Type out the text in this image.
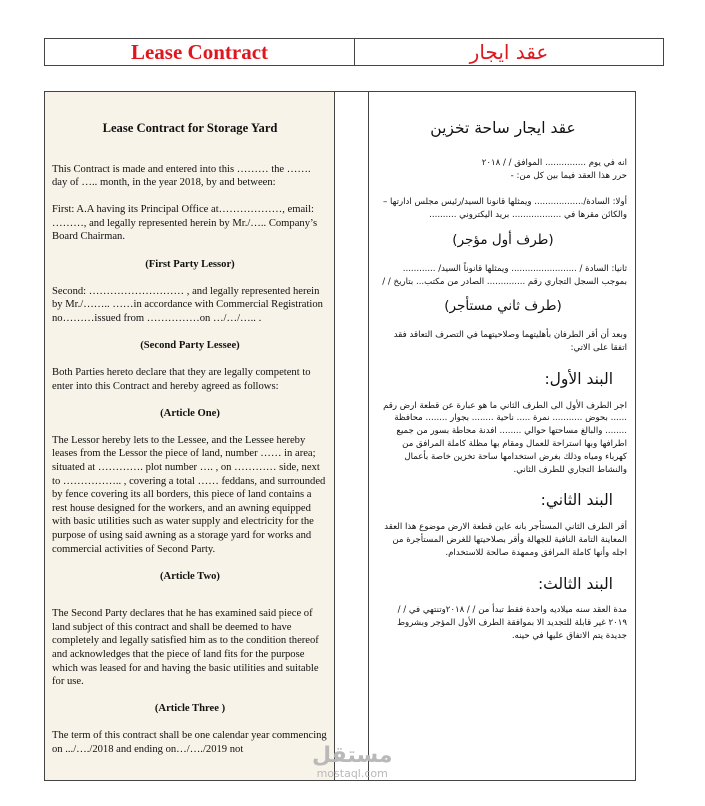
Lease Contract	عقد ايجار
Lease Contract for Storage Yard

This Contract is made and entered into this ……… the ……. day of ….. month, in the year 2018, by and between:

First: A.A having its Principal Office at………………, email: ………, and legally represented herein by Mr./….. Company’s Board Chairman.

(First Party Lessor)

Second: ……………………… , and legally represented herein by Mr./…….. ……in accordance with Commercial Registration no………issued from ……………on …/…/….. .

(Second Party Lessee)

Both Parties hereto declare that they are legally competent to enter into this Contract and hereby agreed as follows:

(Article One)

The Lessor hereby lets to the Lessee, and the Lessee hereby leases from the Lessor the piece of land, number …… in area; situated at …………. plot number …. , on ………… side, next to …………….. , covering a total …… feddans, and surrounded by fence covering its all borders, this piece of land contains a rest house designed for the workers, and an awning equipped with basic utilities such as water supply and electricity for the purpose of using said awning as a storage yard for works and commercial activities of Second Party.

(Article Two)

The Second Party declares that he has examined said piece of land subject of this contract and shall be deemed to have completely and legally satisfied him as to the condition thereof and acknowledges that the piece of land fits for the purpose which was leased for and having the basic utilities and suitable for use.

(Article Three )

The term of this contract shall be one calendar year commencing on .../…./2018 and ending on…/…./2019 not

عقد ايجار ساحة تخزين

انه في يوم ............... الموافق / / ٢٠١٨

حرر هذا العقد فيما بين كل من: -

أولا: السادة/.................. ويمثلها قانونا السيد/رئيس مجلس ادارتها – والكائن مقرها في .................. بريد اليكتروني ..........

(طرف أول مؤجر)

ثانيا: السادة / ........................ ويمثلها قانوناً السيد/ ............ بموجب السجل التجاري رقم .............. الصادر من مكتب... بتاريخ / /

(طرف ثاني مستأجر)

وبعد أن أقر الطرفان بأهليتهما وصلاحيتهما في التصرف التعاقد فقد اتفقا على الاتي:

البند الأول:

اجر الطرف الأول الى الطرف الثاني ما هو عبارة عن قطعة ارض رقم ...... بحوض ........... نمرة ..... ناحية ........ بجوار ........ محافظة ........ والبالغ مساحتها حوالي ........ افدنة محاطة بسور من جميع اطرافها وبها استراحة للعمال ومقام بها مظلة كاملة المرافق من كهرباء ومياه وذلك بغرض استخدامها ساحة تخزين خاصة بأعمال والنشاط التجاري للطرف الثاني.

البند الثاني:

أقر الطرف الثاني المستأجر بانه عاين قطعة الارض موضوع هذا العقد المعاينة التامة النافية للجهالة وأقر بصلاحيتها للغرض المستأجرة من اجله وأنها كاملة المرافق وممهدة صالحة للاستخدام.

البند الثالث:

مدة العقد سنه ميلاديه واحدة فقط تبدأ من / / ٢٠١٨وتنتهي في / / ٢٠١٩ غير قابلة للتجديد الا بموافقة الطرف الأول المؤجر وبشروط جديدة يتم الاتفاق عليها في حينه.

مستقل
mostaql.com
